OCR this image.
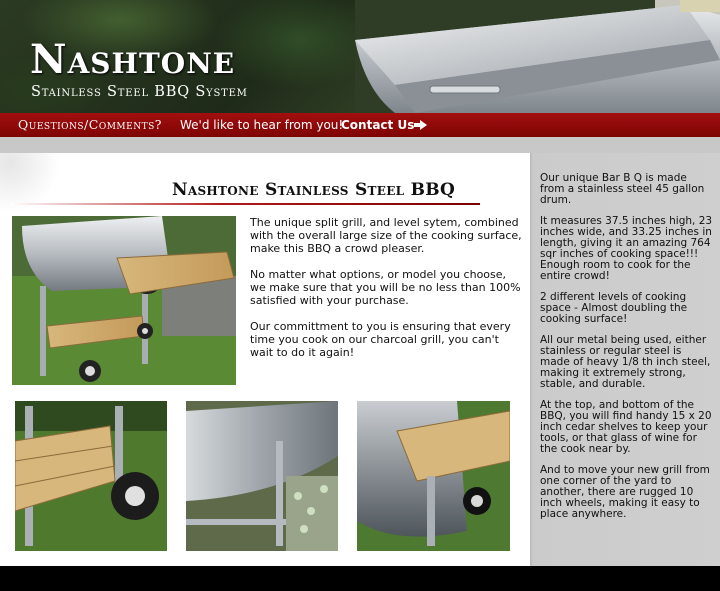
Nashtone
Stainless Steel BBQ System
Questions/Comments? We'd like to hear from you!
Contact Us
Nashtone Stainless Steel BBQ

The unique split grill, and level sytem, combined with the overall large size of the cooking surface, make this BBQ a crowd pleaser.

No matter what options, or model you choose, we make sure that you will be no less than 100% satisfied with your purchase.

Our committment to you is ensuring that every time you cook on our charcoal grill, you can't wait to do it again!

Our unique Bar B Q is made from a stainless steel 45 gallon drum.

It measures 37.5 inches high, 23 inches wide, and 33.25 inches in length, giving it an amazing 764 sqr inches of cooking space!!! Enough room to cook for the entire crowd!

2 different levels of cooking space - Almost doubling the cooking surface!

All our metal being used, either stainless or regular steel is made of heavy 1/8 th inch steel, making it extremely strong, stable, and durable.

At the top, and bottom of the BBQ, you will find handy 15 x 20 inch cedar shelves to keep your tools, or that glass of wine for the cook near by.

And to move your new grill from one corner of the yard to another, there are rugged 10 inch wheels, making it easy to place anywhere.
